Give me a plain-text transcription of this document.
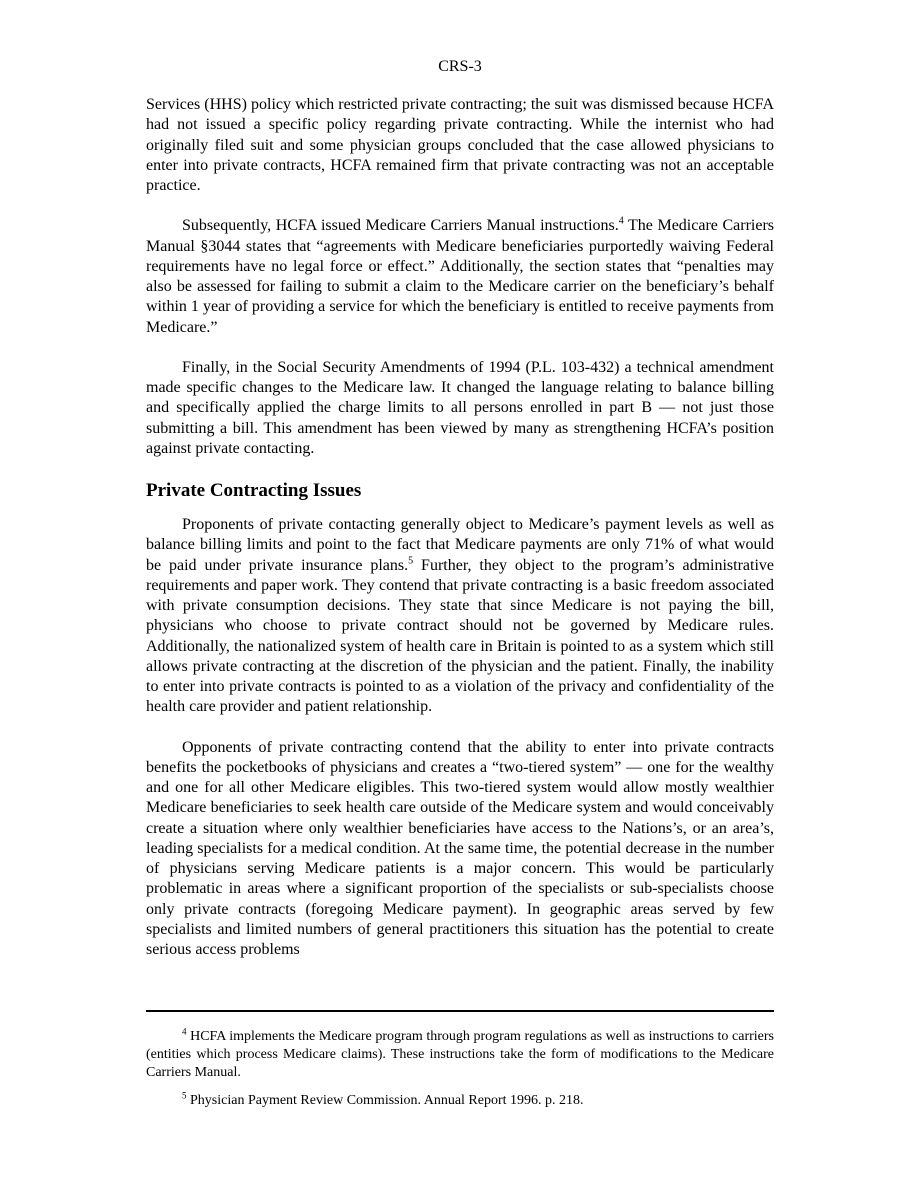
CRS-3

Services (HHS) policy which restricted private contracting; the suit was dismissed because HCFA had not issued a specific policy regarding private contracting. While the internist who had originally filed suit and some physician groups concluded that the case allowed physicians to enter into private contracts, HCFA remained firm that private contracting was not an acceptable practice.

Subsequently, HCFA issued Medicare Carriers Manual instructions.$^4$ The Medicare Carriers Manual §3044 states that “agreements with Medicare beneficiaries purportedly waiving Federal requirements have no legal force or effect.” Additionally, the section states that “penalties may also be assessed for failing to submit a claim to the Medicare carrier on the beneficiary’s behalf within 1 year of providing a service for which the beneficiary is entitled to receive payments from Medicare.”

Finally, in the Social Security Amendments of 1994 (P.L. 103-432) a technical amendment made specific changes to the Medicare law. It changed the language relating to balance billing and specifically applied the charge limits to all persons enrolled in part B — not just those submitting a bill. This amendment has been viewed by many as strengthening HCFA’s position against private contacting.

Private Contracting Issues

Proponents of private contacting generally object to Medicare’s payment levels as well as balance billing limits and point to the fact that Medicare payments are only 71% of what would be paid under private insurance plans.$^5$ Further, they object to the program’s administrative requirements and paper work. They contend that private contracting is a basic freedom associated with private consumption decisions. They state that since Medicare is not paying the bill, physicians who choose to private contract should not be governed by Medicare rules. Additionally, the nationalized system of health care in Britain is pointed to as a system which still allows private contracting at the discretion of the physician and the patient. Finally, the inability to enter into private contracts is pointed to as a violation of the privacy and confidentiality of the health care provider and patient relationship.

Opponents of private contracting contend that the ability to enter into private contracts benefits the pocketbooks of physicians and creates a “two-tiered system” — one for the wealthy and one for all other Medicare eligibles. This two-tiered system would allow mostly wealthier Medicare beneficiaries to seek health care outside of the Medicare system and would conceivably create a situation where only wealthier beneficiaries have access to the Nations’s, or an area’s, leading specialists for a medical condition. At the same time, the potential decrease in the number of physicians serving Medicare patients is a major concern. This would be particularly problematic in areas where a significant proportion of the specialists or sub-specialists choose only private contracts (foregoing Medicare payment). In geographic areas served by few specialists and limited numbers of general practitioners this situation has the potential to create serious access problems

$^4$ HCFA implements the Medicare program through program regulations as well as instructions to carriers (entities which process Medicare claims). These instructions take the form of modifications to the Medicare Carriers Manual.

$^5$ Physician Payment Review Commission. Annual Report 1996. p. 218.
